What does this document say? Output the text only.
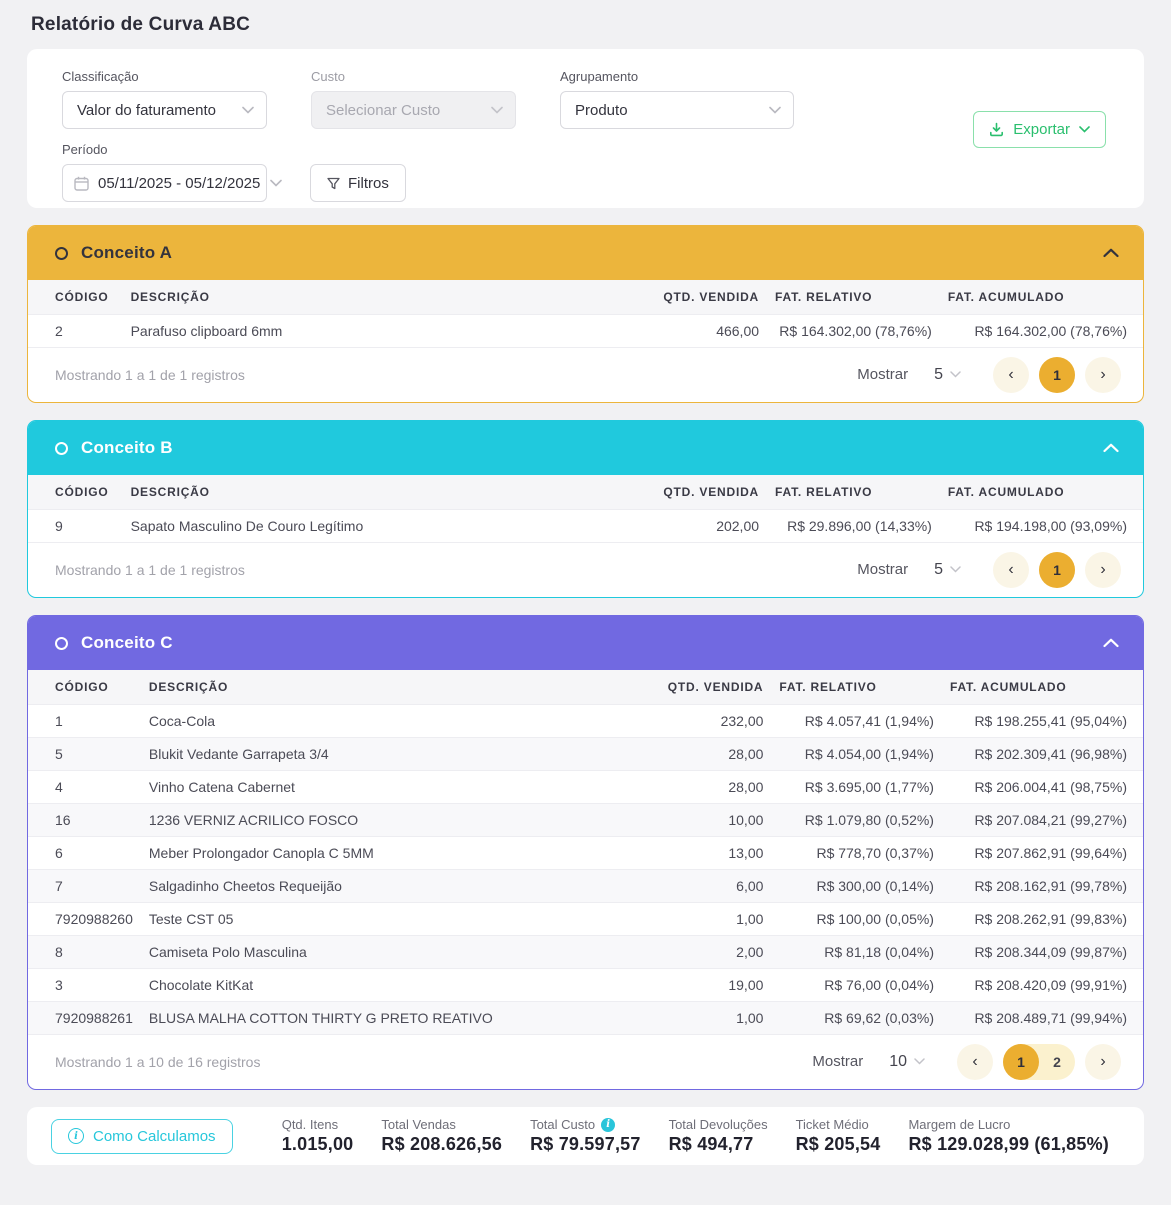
Relatório de Curva ABC
Classificação
Valor do faturamento
Custo
Selecionar Custo
Agrupamento
Produto
Período
05/11/2025 - 05/12/2025	Filtros
Exportar
Conceito A
CÓDIGO	DESCRIÇÃO	QTD. VENDIDA	FAT. RELATIVO	FAT. ACUMULADO
2	Parafuso clipboard 6mm	466,00	R$ 164.302,00 (78,76%)	R$ 164.302,00 (78,76%)
Mostrando 1 a 1 de 1 registros	Mostrar 5	‹	1	›
Conceito B
CÓDIGO	DESCRIÇÃO	QTD. VENDIDA	FAT. RELATIVO	FAT. ACUMULADO
9	Sapato Masculino De Couro Legítimo	202,00	R$ 29.896,00 (14,33%)	R$ 194.198,00 (93,09%)
Mostrando 1 a 1 de 1 registros	Mostrar 5	‹	1	›
Conceito C
CÓDIGO	DESCRIÇÃO	QTD. VENDIDA	FAT. RELATIVO	FAT. ACUMULADO
1	Coca-Cola	232,00	R$ 4.057,41 (1,94%)	R$ 198.255,41 (95,04%)
5	Blukit Vedante Garrapeta 3/4	28,00	R$ 4.054,00 (1,94%)	R$ 202.309,41 (96,98%)
4	Vinho Catena Cabernet	28,00	R$ 3.695,00 (1,77%)	R$ 206.004,41 (98,75%)
16	1236 VERNIZ ACRILICO FOSCO	10,00	R$ 1.079,80 (0,52%)	R$ 207.084,21 (99,27%)
6	Meber Prolongador Canopla C 5MM	13,00	R$ 778,70 (0,37%)	R$ 207.862,91 (99,64%)
7	Salgadinho Cheetos Requeijão	6,00	R$ 300,00 (0,14%)	R$ 208.162,91 (99,78%)
7920988260	Teste CST 05	1,00	R$ 100,00 (0,05%)	R$ 208.262,91 (99,83%)
8	Camiseta Polo Masculina	2,00	R$ 81,18 (0,04%)	R$ 208.344,09 (99,87%)
3	Chocolate KitKat	19,00	R$ 76,00 (0,04%)	R$ 208.420,09 (99,91%)
7920988261	BLUSA MALHA COTTON THIRTY G PRETO REATIVO	1,00	R$ 69,62 (0,03%)	R$ 208.489,71 (99,94%)
Mostrando 1 a 10 de 16 registros	Mostrar 10	‹	1	2	›
i	Como Calculamos
Qtd. Itens
1.015,00
Total Vendas
R$ 208.626,56
Total Custo	i
R$ 79.597,57
Total Devoluções
R$ 494,77
Ticket Médio
R$ 205,54
Margem de Lucro
R$ 129.028,99 (61,85%)
